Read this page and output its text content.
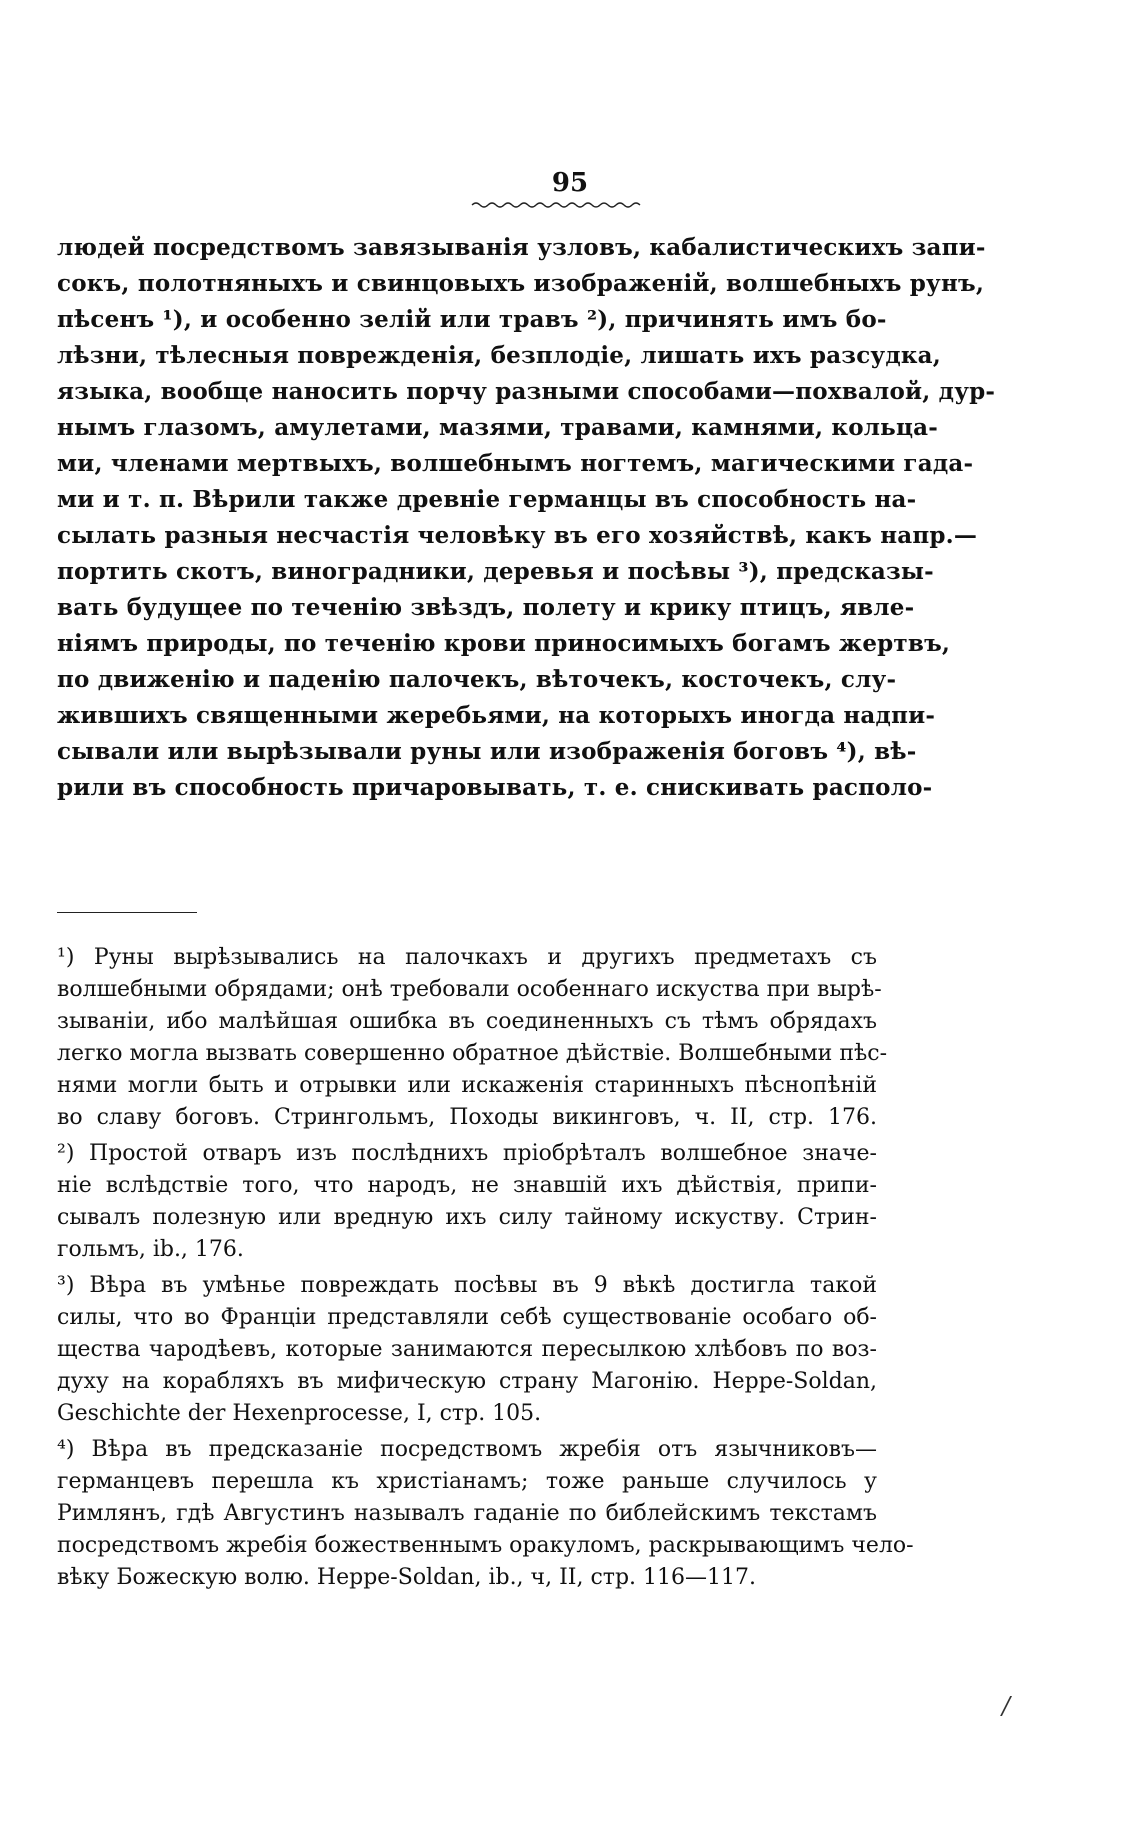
95
людей посредствомъ завязыванія узловъ, кабалистическихъ запи-
сокъ, полотняныхъ и свинцовыхъ изображеній, волшебныхъ рунъ,
пѣсенъ ¹), и особенно зелій или травъ ²), причинять имъ бо-
лѣзни, тѣлесныя поврежденія, безплодіе, лишать ихъ разсудка,
языка, вообще наносить порчу разными способами—похвалой, дур-
нымъ глазомъ, амулетами, мазями, травами, камнями, кольца-
ми, членами мертвыхъ, волшебнымъ ногтемъ, магическими гада-
ми и т. п. Вѣрили также древніе германцы въ способность на-
сылать разныя несчастія человѣку въ его хозяйствѣ, какъ напр.—
портить скотъ, виноградники, деревья и посѣвы ³), предсказы-
вать будущее по теченію звѣздъ, полету и крику птицъ, явле-
ніямъ природы, по теченію крови приносимыхъ богамъ жертвъ,
по движенію и паденію палочекъ, вѣточекъ, косточекъ, слу-
жившихъ священными жеребьями, на которыхъ иногда надпи-
сывали или вырѣзывали руны или изображенія боговъ ⁴), вѣ-
рили въ способность причаровывать, т. е. снискивать располо-
¹) Руны вырѣзывались на палочкахъ и другихъ предметахъ съ
волшебными обрядами; онѣ требовали особеннаго искуства при вырѣ-
зываніи, ибо малѣйшая ошибка въ соединенныхъ съ тѣмъ обрядахъ
легко могла вызвать совершенно обратное дѣйствіе. Волшебными пѣс-
нями могли быть и отрывки или искаженія старинныхъ пѣснопѣній
во славу боговъ. Стрингольмъ, Походы викинговъ, ч. II, стр. 176.
²) Простой отваръ изъ послѣднихъ пріобрѣталъ волшебное значе-
ніе вслѣдствіе того, что народъ, не знавшій ихъ дѣйствія, припи-
сывалъ полезную или вредную ихъ силу тайному искуству. Стрин-
гольмъ, ib., 176.
³) Вѣра въ умѣнье повреждать посѣвы въ 9 вѣкѣ достигла такой
силы, что во Франціи представляли себѣ существованіе особаго об-
щества чародѣевъ, которые занимаются пересылкою хлѣбовъ по воз-
духу на корабляхъ въ мифическую страну Магонію. Heppe-Soldan,
Geschichte der Hexenprocesse, I, стр. 105.
⁴) Вѣра въ предсказаніе посредствомъ жребія отъ язычниковъ—
германцевъ перешла къ христіанамъ; тоже раньше случилось у
Римлянъ, гдѣ Августинъ называлъ гаданіе по библейскимъ текстамъ
посредствомъ жребія божественнымъ оракуломъ, раскрывающимъ чело-
вѣку Божескую волю. Heppe-Soldan, ib., ч, II, стр. 116—117.
/
